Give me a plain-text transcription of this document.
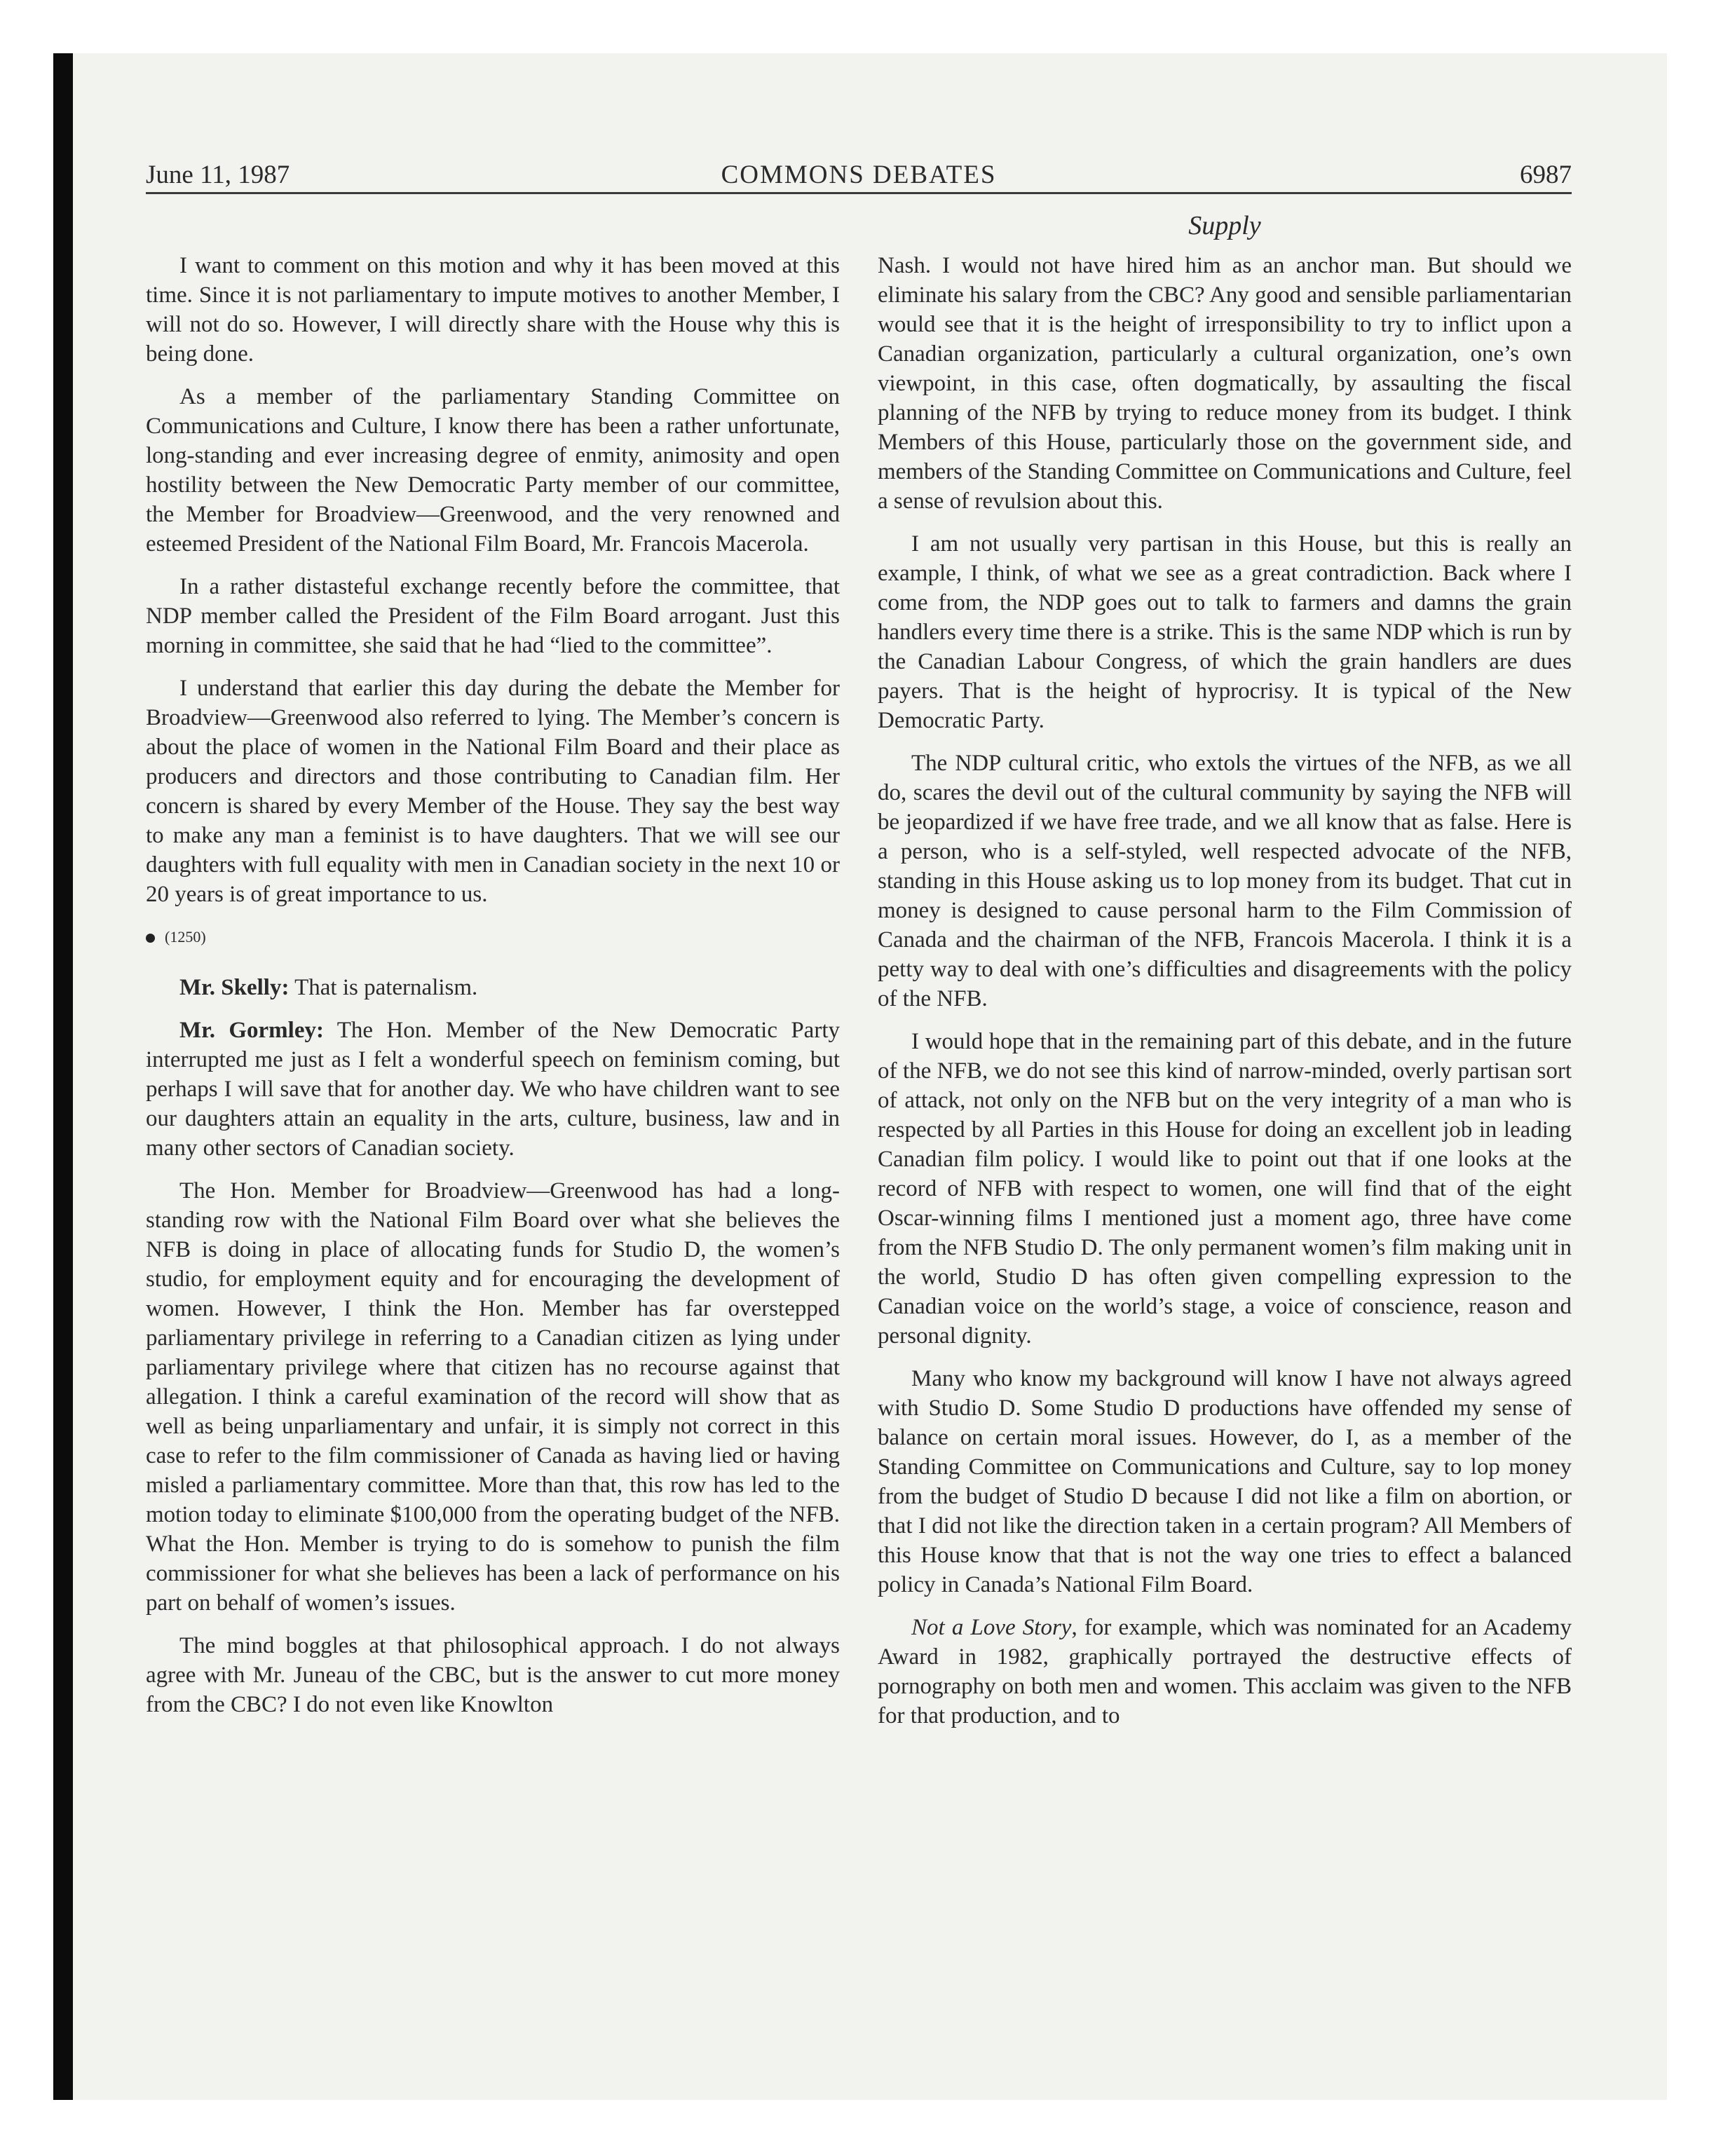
June 11, 1987	COMMONS DEBATES	6987
Supply

I want to comment on this motion and why it has been moved at this time. Since it is not parliamentary to impute motives to another Member, I will not do so. However, I will directly share with the House why this is being done.

As a member of the parliamentary Standing Committee on Communications and Culture, I know there has been a rather unfortunate, long-standing and ever increasing degree of enmity, animosity and open hostility between the New Democratic Party member of our committee, the Member for Broadview—Greenwood, and the very renowned and esteemed President of the National Film Board, Mr. Francois Macerola.

In a rather distasteful exchange recently before the committee, that NDP member called the President of the Film Board arrogant. Just this morning in committee, she said that he had “lied to the committee”.

I understand that earlier this day during the debate the Member for Broadview—Greenwood also referred to lying. The Member’s concern is about the place of women in the National Film Board and their place as producers and directors and those contributing to Canadian film. Her concern is shared by every Member of the House. They say the best way to make any man a feminist is to have daughters. That we will see our daughters with full equality with men in Canadian society in the next 10 or 20 years is of great importance to us.

(1250)

Mr. Skelly: That is paternalism.

Mr. Gormley: The Hon. Member of the New Democratic Party interrupted me just as I felt a wonderful speech on feminism coming, but perhaps I will save that for another day. We who have children want to see our daughters attain an equality in the arts, culture, business, law and in many other sectors of Canadian society.

The Hon. Member for Broadview—Greenwood has had a long-standing row with the National Film Board over what she believes the NFB is doing in place of allocating funds for Studio D, the women’s studio, for employment equity and for encouraging the development of women. However, I think the Hon. Member has far overstepped parliamentary privilege in referring to a Canadian citizen as lying under parliamentary privilege where that citizen has no recourse against that allegation. I think a careful examination of the record will show that as well as being unparliamentary and unfair, it is simply not correct in this case to refer to the film commissioner of Canada as having lied or having misled a parliamentary committee. More than that, this row has led to the motion today to eliminate $100,000 from the operating budget of the NFB. What the Hon. Member is trying to do is somehow to punish the film commissioner for what she believes has been a lack of performance on his part on behalf of women’s issues.

The mind boggles at that philosophical approach. I do not always agree with Mr. Juneau of the CBC, but is the answer to cut more money from the CBC? I do not even like Knowlton

Nash. I would not have hired him as an anchor man. But should we eliminate his salary from the CBC? Any good and sensible parliamentarian would see that it is the height of irresponsibility to try to inflict upon a Canadian organization, particularly a cultural organization, one’s own viewpoint, in this case, often dogmatically, by assaulting the fiscal planning of the NFB by trying to reduce money from its budget. I think Members of this House, particularly those on the government side, and members of the Standing Committee on Communications and Culture, feel a sense of revulsion about this.

I am not usually very partisan in this House, but this is really an example, I think, of what we see as a great contradiction. Back where I come from, the NDP goes out to talk to farmers and damns the grain handlers every time there is a strike. This is the same NDP which is run by the Canadian Labour Congress, of which the grain handlers are dues payers. That is the height of hyprocrisy. It is typical of the New Democratic Party.

The NDP cultural critic, who extols the virtues of the NFB, as we all do, scares the devil out of the cultural community by saying the NFB will be jeopardized if we have free trade, and we all know that as false. Here is a person, who is a self-styled, well respected advocate of the NFB, standing in this House asking us to lop money from its budget. That cut in money is designed to cause personal harm to the Film Commission of Canada and the chairman of the NFB, Francois Macerola. I think it is a petty way to deal with one’s difficulties and disagreements with the policy of the NFB.

I would hope that in the remaining part of this debate, and in the future of the NFB, we do not see this kind of narrow-minded, overly partisan sort of attack, not only on the NFB but on the very integrity of a man who is respected by all Parties in this House for doing an excellent job in leading Canadian film policy. I would like to point out that if one looks at the record of NFB with respect to women, one will find that of the eight Oscar-winning films I mentioned just a moment ago, three have come from the NFB Studio D. The only permanent women’s film making unit in the world, Studio D has often given compelling expression to the Canadian voice on the world’s stage, a voice of conscience, reason and personal dignity.

Many who know my background will know I have not always agreed with Studio D. Some Studio D productions have offended my sense of balance on certain moral issues. However, do I, as a member of the Standing Committee on Communications and Culture, say to lop money from the budget of Studio D because I did not like a film on abortion, or that I did not like the direction taken in a certain program? All Members of this House know that that is not the way one tries to effect a balanced policy in Canada’s National Film Board.

Not a Love Story, for example, which was nominated for an Academy Award in 1982, graphically portrayed the destructive effects of pornography on both men and women. This acclaim was given to the NFB for that production, and to
